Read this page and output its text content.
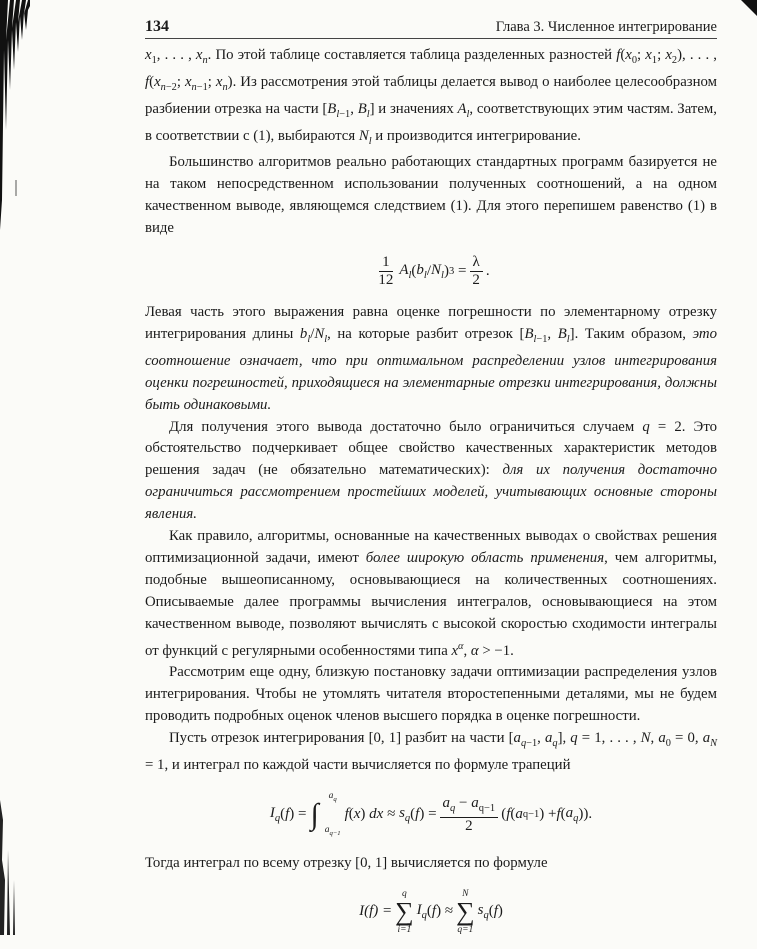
134	Глава 3. Численное интегрирование

$x_1$, . . . , $x_n$. По этой таблице составляется таблица разделенных разностей $f(x_0$; $x_1$; $x_2$), . . . , $f(x_{n-2}$; $x_{n-1}$; $x_n$). Из рассмотрения этой таблицы делается вывод о наиболее целесообразном разбиении отрезка на части [$B_{l-1}$, $B_l$] и значениях $A_l$, соответствующих этим частям. Затем, в соответствии с (1), выбираются $N_l$ и производится интегрирование.

Большинство алгоритмов реально работающих стандартных программ базируется не на таком непосредственном использовании полученных соотношений, а на одном качественном выводе, являющемся следствием (1). Для этого перепишем равенство (1) в виде

$\frac{1}{12} A_l$ ( $b_l / N_l$ ) $3 = \frac{\lambda}{2}$ .

Левая часть этого выражения равна оценке погрешности по элементарному отрезку интегрирования длины $b_l/N_l$, на которые разбит отрезок [$B_{l-1}$, $B_l$]. Таким образом, это соотношение означает, что при оптимальном распределении узлов интегрирования оценки погрешностей, приходящиеся на элементарные отрезки интегрирования, должны быть одинаковыми.

Для получения этого вывода достаточно было ограничиться случаем q = 2. Это обстоятельство подчеркивает общее свойство качественных характеристик методов решения задач (не обязательно математических): для их получения достаточно ограничиться рассмотрением простейших моделей, учитывающих основные стороны явления.

Как правило, алгоритмы, основанные на качественных выводах о свойствах решения оптимизационной задачи, имеют более широкую область применения, чем алгоритмы, подобные вышеописанному, основывающиеся на количественных соотношениях. Описываемые далее программы вычисления интегралов, основывающиеся на этом качественном выводе, позволяют вычислять с высокой скоростью сходимости интегралы от функций с регулярными особенностями типа $x^\alpha$, α > −1.

Рассмотрим еще одну, близкую постановку задачи оптимизации распределения узлов интегрирования. Чтобы не утомлять читателя второстепенными деталями, мы не будем проводить подробных оценок членов высшего порядка в оценке погрешности.

Пусть отрезок интегрирования [0, 1] разбит на части [$a_{q-1}$, $a_q$], q = 1, . . . , N, $a_0 = 0$, $a_N = 1$, и интеграл по каждой части вычисляется по формуле трапеций

$I_q$ ( f ) = ∫
$a_q$
$a_{q-1}$
f ( x ) dx ≈ $s_q$ ( f ) = $\frac{a_q - a_{q-1}}{2}$ ( f ( a q−1 ) + f ( $a_q$ )).

Тогда интеграл по всему отрезку [0, 1] вычисляется по формуле

I(f) =
q
∑
i=1
$I_q$ ( f ) ≈
N
∑
q=1
$s_q$ ( f )
